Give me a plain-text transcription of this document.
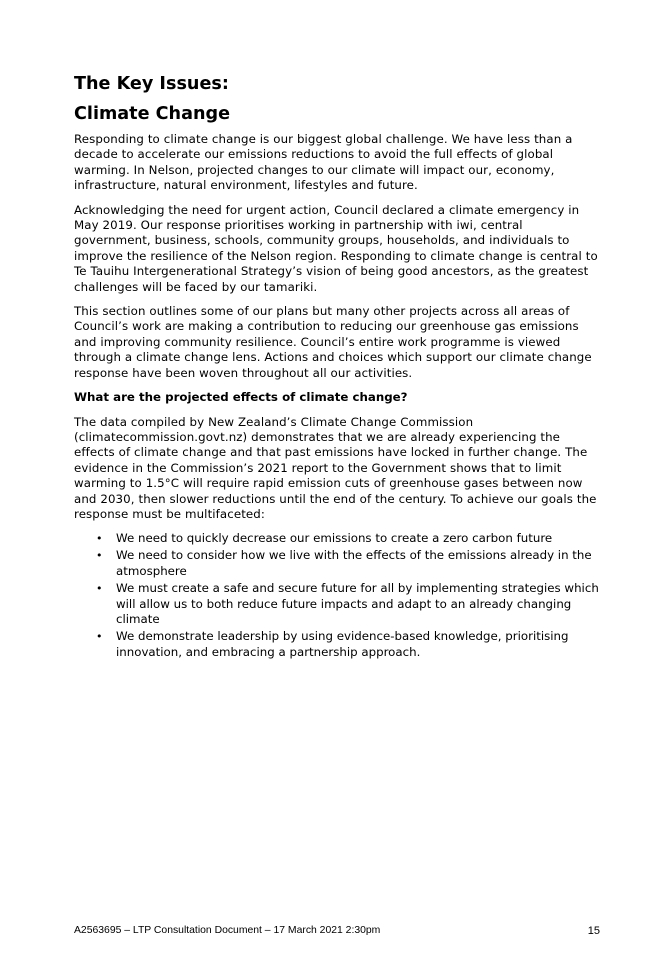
The Key Issues:
Climate Change

Responding to climate change is our biggest global challenge. We have less than a decade to accelerate our emissions reductions to avoid the full effects of global warming. In Nelson, projected changes to our climate will impact our, economy, infrastructure, natural environment, lifestyles and future.

Acknowledging the need for urgent action, Council declared a climate emergency in May 2019. Our response prioritises working in partnership with iwi, central government, business, schools, community groups, households, and individuals to improve the resilience of the Nelson region. Responding to climate change is central to Te Tauihu Intergenerational Strategy’s vision of being good ancestors, as the greatest challenges will be faced by our tamariki.

This section outlines some of our plans but many other projects across all areas of Council’s work are making a contribution to reducing our greenhouse gas emissions and improving community resilience. Council’s entire work programme is viewed through a climate change lens. Actions and choices which support our climate change response have been woven throughout all our activities.

What are the projected effects of climate change?

The data compiled by New Zealand’s Climate Change Commission (climatecommission.govt.nz) demonstrates that we are already experiencing the effects of climate change and that past emissions have locked in further change. The evidence in the Commission’s 2021 report to the Government shows that to limit warming to 1.5°C will require rapid emission cuts of greenhouse gases between now and 2030, then slower reductions until the end of the century. To achieve our goals the response must be multifaceted:

• We need to quickly decrease our emissions to create a zero carbon future
• We need to consider how we live with the effects of the emissions already in the atmosphere
• We must create a safe and secure future for all by implementing strategies which will allow us to both reduce future impacts and adapt to an already changing climate
• We demonstrate leadership by using evidence-based knowledge, prioritising innovation, and embracing a partnership approach.
A2563695 – LTP Consultation Document – 17 March 2021 2:30pm	15
